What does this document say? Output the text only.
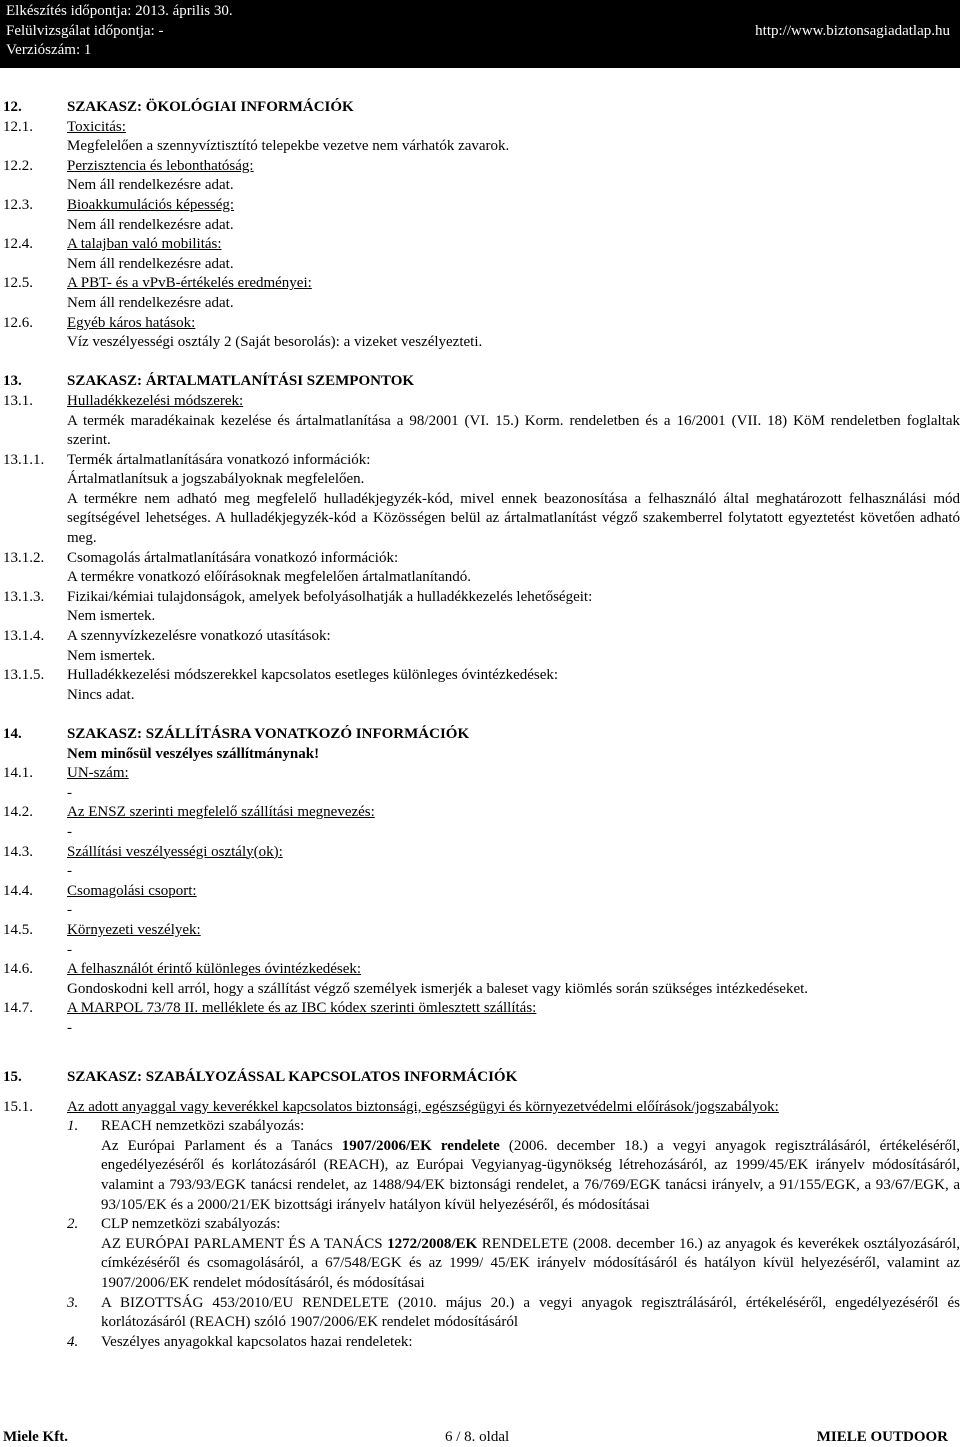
Elkészítés időpontja: 2013. április 30.
Felülvizsgálat időpontja: -
Verziószám: 1
http://www.biztonsagiadatlap.hu
12.	SZAKASZ: ÖKOLÓGIAI INFORMÁCIÓK
12.1. Toxicitás:
Megfelelően a szennyvíztisztító telepekbe vezetve nem várhatók zavarok.
12.2. Perzisztencia és lebonthatóság:
Nem áll rendelkezésre adat.
12.3. Bioakkumulációs képesség:
Nem áll rendelkezésre adat.
12.4. A talajban való mobilitás:
Nem áll rendelkezésre adat.
12.5. A PBT- és a vPvB-értékelés eredményei:
Nem áll rendelkezésre adat.
12.6. Egyéb káros hatások:
Víz veszélyességi osztály 2 (Saját besorolás): a vizeket veszélyezteti.
13.	SZAKASZ: ÁRTALMATLANÍTÁSI SZEMPONTOK
13.1. Hulladékkezelési módszerek:
A termék maradékainak kezelése és ártalmatlanítása a 98/2001 (VI. 15.) Korm. rendeletben és a 16/2001 (VII. 18) KöM rendeletben foglaltak szerint.
13.1.1. Termék ártalmatlanítására vonatkozó információk:
Ártalmatlanítsuk a jogszabályoknak megfelelően.
A termékre nem adható meg megfelelő hulladékjegyzék-kód, mivel ennek beazonosítása a felhasználó által meghatározott felhasználási mód segítségével lehetséges. A hulladékjegyzék-kód a Közösségen belül az ártalmatlanítást végző szakemberrel folytatott egyeztetést követően adható meg.
13.1.2. Csomagolás ártalmatlanítására vonatkozó információk:
A termékre vonatkozó előírásoknak megfelelően ártalmatlanítandó.
13.1.3. Fizikai/kémiai tulajdonságok, amelyek befolyásolhatják a hulladékkezelés lehetőségeit:
Nem ismertek.
13.1.4. A szennyvízkezelésre vonatkozó utasítások:
Nem ismertek.
13.1.5. Hulladékkezelési módszerekkel kapcsolatos esetleges különleges óvintézkedések:
Nincs adat.
14.	SZAKASZ: SZÁLLÍTÁSRA VONATKOZÓ INFORMÁCIÓK
Nem minősül veszélyes szállítmánynak!
14.1. UN-szám:
-
14.2. Az ENSZ szerinti megfelelő szállítási megnevezés:
-
14.3. Szállítási veszélyességi osztály(ok):
-
14.4. Csomagolási csoport:
-
14.5. Környezeti veszélyek:
-
14.6. A felhasználót érintő különleges óvintézkedések:
Gondoskodni kell arról, hogy a szállítást végző személyek ismerjék a baleset vagy kiömlés során szükséges intézkedéseket.
14.7. A MARPOL 73/78 II. melléklete és az IBC kódex szerinti ömlesztett szállítás:
-
15.	SZAKASZ: SZABÁLYOZÁSSAL KAPCSOLATOS INFORMÁCIÓK
15.1. Az adott anyaggal vagy keverékkel kapcsolatos biztonsági, egészségügyi és környezetvédelmi előírások/jogszabályok:
1. REACH nemzetközi szabályozás:
Az Európai Parlament és a Tanács 1907/2006/EK rendelete (2006. december 18.) a vegyi anyagok regisztrálásáról, értékeléséről, engedélyezéséről és korlátozásáról (REACH), az Európai Vegyianyag-ügynökség létrehozásáról, az 1999/45/EK irányelv módosításáról, valamint a 793/93/EGK tanácsi rendelet, az 1488/94/EK biztonsági rendelet, a 76/769/EGK tanácsi irányelv, a 91/155/EGK, a 93/67/EGK, a 93/105/EK és a 2000/21/EK bizottsági irányelv hatályon kívül helyezéséről, és módosításai
2. CLP nemzetközi szabályozás:
AZ EURÓPAI PARLAMENT ÉS A TANÁCS 1272/2008/EK RENDELETE (2008. december 16.) az anyagok és keverékek osztályozásáról, címkézéséről és csomagolásáról, a 67/548/EGK és az 1999/ 45/EK irányelv módosításáról és hatályon kívül helyezéséről, valamint az 1907/2006/EK rendelet módosításáról, és módosításai
3. A BIZOTTSÁG 453/2010/EU RENDELETE (2010. május 20.) a vegyi anyagok regisztrálásáról, értékeléséről, engedélyezéséről és korlátozásáról (REACH) szóló 1907/2006/EK rendelet módosításáról
4. Veszélyes anyagokkal kapcsolatos hazai rendeletek:
Miele Kft.	6 / 8. oldal	MIELE OUTDOOR
